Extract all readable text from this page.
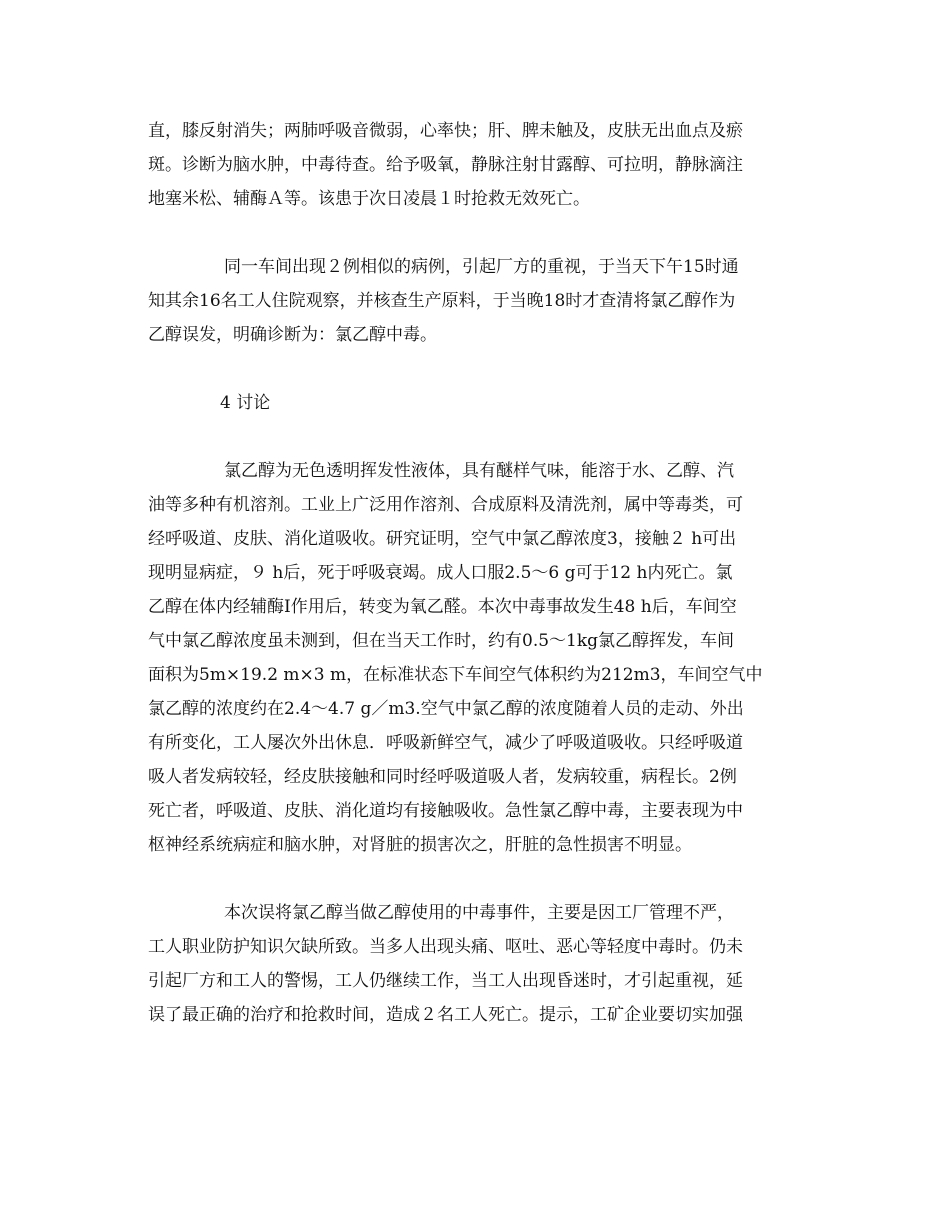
直，膝反射消失；两肺呼吸音微弱，心率快；肝、脾未触及，皮肤无出血点及瘀
斑。诊断为脑水肿，中毒待查。给予吸氧，静脉注射甘露醇、可拉明，静脉滴注
地塞米松、辅酶Ａ等。该患于次日凌晨１时抢救无效死亡。
同一车间出现２例相似的病例，引起厂方的重视，于当天下午15时通
知其余16名工人住院观察，并核查生产原料，于当晚18时才查清将氯乙醇作为
乙醇误发，明确诊断为：氯乙醇中毒。
4 讨论
氯乙醇为无色透明挥发性液体，具有醚样气味，能溶于水、乙醇、汽
油等多种有机溶剂。工业上广泛用作溶剂、合成原料及清洗剂，属中等毒类，可
经呼吸道、皮肤、消化道吸收。研究证明，空气中氯乙醇浓度3，接触２ h可出
现明显病症，９ h后，死于呼吸衰竭。成人口服2.5～6 g可于12 h内死亡。氯
乙醇在体内经辅酶Ⅰ作用后，转变为氧乙醛。本次中毒事故发生48 h后，车间空
气中氯乙醇浓度虽未测到，但在当天工作时，约有0.5～1kg氯乙醇挥发，车间
面积为5m×19.2 m×3 m，在标准状态下车间空气体积约为212m3，车间空气中
氯乙醇的浓度约在2.4～4.7 g／m3.空气中氯乙醇的浓度随着人员的走动、外出
有所变化，工人屡次外出休息．呼吸新鲜空气，减少了呼吸道吸收。只经呼吸道
吸人者发病较轻，经皮肤接触和同时经呼吸道吸人者，发病较重，病程长。2例
死亡者，呼吸道、皮肤、消化道均有接触吸收。急性氯乙醇中毒，主要表现为中
枢神经系统病症和脑水肿，对肾脏的损害次之，肝脏的急性损害不明显。
本次误将氯乙醇当做乙醇使用的中毒事件，主要是因工厂管理不严，
工人职业防护知识欠缺所致。当多人出现头痛、呕吐、恶心等轻度中毒时。仍未
引起厂方和工人的警惕，工人仍继续工作，当工人出现昏迷时，才引起重视，延
误了最正确的治疗和抢救时间，造成２名工人死亡。提示，工矿企业要切实加强
